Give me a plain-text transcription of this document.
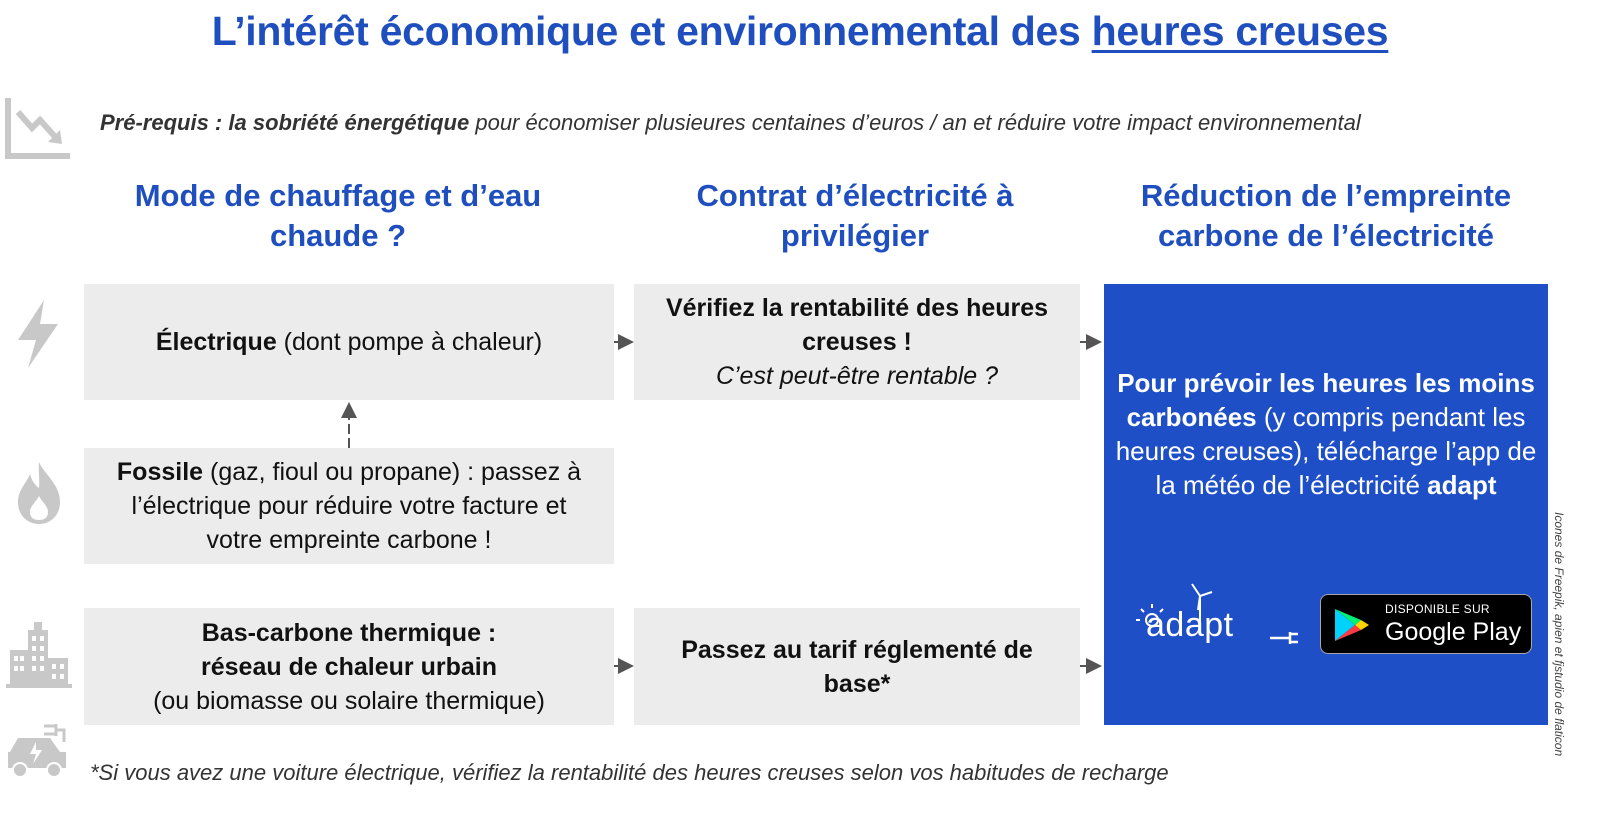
L’intérêt économique et environnemental des heures creuses
Pré-requis : la sobriété énergétique pour économiser plusieures centaines d’euros / an et réduire votre impact environnemental
Mode de chauffage et d’eau chaude ?
Contrat d’électricité à privilégier
Réduction de l’empreinte carbone de l’électricité
Électrique (dont pompe à chaleur)
Fossile (gaz, fioul ou propane) : passez à l’électrique pour réduire votre facture et votre empreinte carbone !
Bas-carbone thermique :
réseau de chaleur urbain
(ou biomasse ou solaire thermique)
Vérifiez la rentabilité des heures creuses !
C’est peut-être rentable ?
Passez au tarif réglementé de base*
Pour prévoir les heures les moins carbonées (y compris pendant les heures creuses), télécharge l’app de la météo de l’électricité adapt
adapt	DISPONIBLE SUR
Google Play
*Si vous avez une voiture électrique, vérifiez la rentabilité des heures creuses selon vos habitudes de recharge
Icones de Freepik, apien et fjstudio de flaticon
